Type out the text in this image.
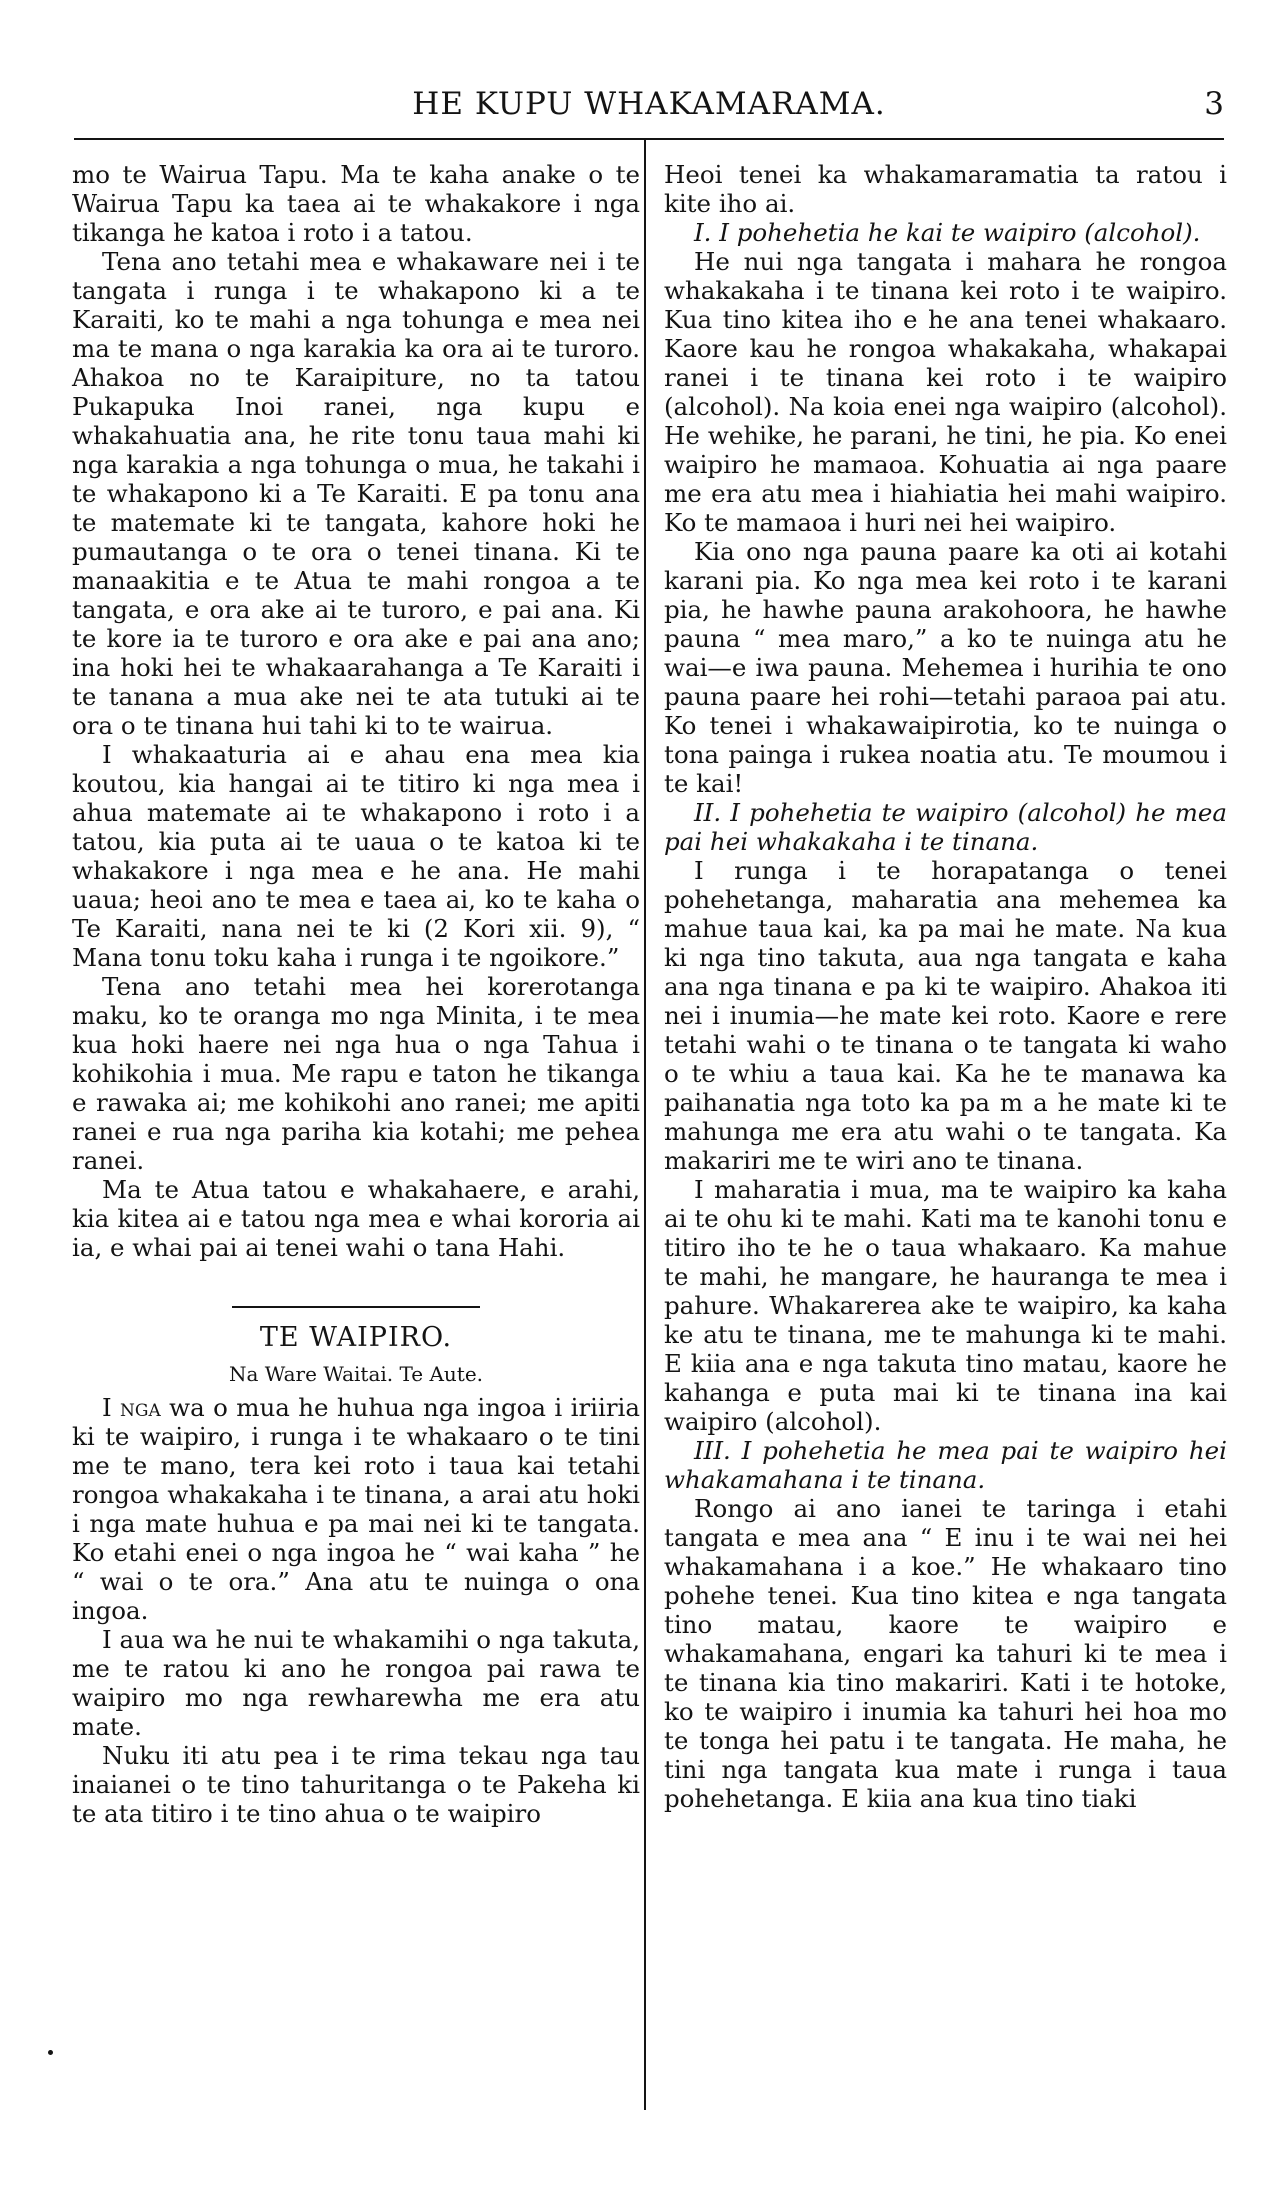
HE KUPU WHAKAMARAMA.	3

mo te Wairua Tapu. Ma te kaha anake o te Wairua Tapu ka taea ai te whakakore i nga tikanga he katoa i roto i a tatou.

Tena ano tetahi mea e whakaware nei i te tangata i runga i te whakapono ki a te Karaiti, ko te mahi a nga tohunga e mea nei ma te mana o nga karakia ka ora ai te turoro. Ahakoa no te Karaipiture, no ta tatou Pukapuka Inoi ranei, nga kupu e whakahuatia ana, he rite tonu taua mahi ki nga karakia a nga tohunga o mua, he takahi i te whakapono ki a Te Karaiti. E pa tonu ana te matemate ki te tangata, kahore hoki he pumautanga o te ora o tenei tinana. Ki te manaakitia e te Atua te mahi rongoa a te tangata, e ora ake ai te turoro, e pai ana. Ki te kore ia te turoro e ora ake e pai ana ano; ina hoki hei te whakaarahanga a Te Karaiti i te tanana a mua ake nei te ata tutuki ai te ora o te tinana hui tahi ki to te wairua.

I whakaaturia ai e ahau ena mea kia koutou, kia hangai ai te titiro ki nga mea i ahua matemate ai te whakapono i roto i a tatou, kia puta ai te uaua o te katoa ki te whakakore i nga mea e he ana. He mahi uaua; heoi ano te mea e taea ai, ko te kaha o Te Karaiti, nana nei te ki (2 Kori xii. 9), “ Mana tonu toku kaha i runga i te ngoikore.”

Tena ano tetahi mea hei korerotanga maku, ko te oranga mo nga Minita, i te mea kua hoki haere nei nga hua o nga Tahua i kohikohia i mua. Me rapu e taton he tikanga e rawaka ai; me kohikohi ano ranei; me apiti ranei e rua nga pariha kia kotahi; me pehea ranei.

Ma te Atua tatou e whakahaere, e arahi, kia kitea ai e tatou nga mea e whai kororia ai ia, e whai pai ai tenei wahi o tana Hahi.

TE WAIPIRO.
Na Ware Waitai. Te Aute.

I nga wa o mua he huhua nga ingoa i iriiria ki te waipiro, i runga i te whakaaro o te tini me te mano, tera kei roto i taua kai tetahi rongoa whakakaha i te tinana, a arai atu hoki i nga mate huhua e pa mai nei ki te tangata. Ko etahi enei o nga ingoa he “ wai kaha ” he “ wai o te ora.” Ana atu te nuinga o ona ingoa.

I aua wa he nui te whakamihi o nga takuta, me te ratou ki ano he rongoa pai rawa te waipiro mo nga rewharewha me era atu mate.

Nuku iti atu pea i te rima tekau nga tau inaianei o te tino tahuritanga o te Pakeha ki te ata titiro i te tino ahua o te waipiro

Heoi tenei ka whakamaramatia ta ratou i kite iho ai.

I. I pohehetia he kai te waipiro (alcohol).

He nui nga tangata i mahara he rongoa whakakaha i te tinana kei roto i te waipiro. Kua tino kitea iho e he ana tenei whakaaro. Kaore kau he rongoa whakakaha, whakapai ranei i te tinana kei roto i te waipiro (alcohol). Na koia enei nga waipiro (alcohol). He wehike, he parani, he tini, he pia. Ko enei waipiro he mamaoa. Kohuatia ai nga paare me era atu mea i hiahiatia hei mahi waipiro. Ko te mamaoa i huri nei hei waipiro.

Kia ono nga pauna paare ka oti ai kotahi karani pia. Ko nga mea kei roto i te karani pia, he hawhe pauna arakohoora, he hawhe pauna “ mea maro,” a ko te nuinga atu he wai—e iwa pauna. Mehemea i hurihia te ono pauna paare hei rohi—tetahi paraoa pai atu. Ko tenei i whakawaipirotia, ko te nuinga o tona painga i rukea noatia atu. Te moumou i te kai!

II. I pohehetia te waipiro (alcohol) he mea pai hei whakakaha i te tinana.

I runga i te horapatanga o tenei pohehetanga, maharatia ana mehemea ka mahue taua kai, ka pa mai he mate. Na kua ki nga tino takuta, aua nga tangata e kaha ana nga tinana e pa ki te waipiro. Ahakoa iti nei i inumia—he mate kei roto. Kaore e rere tetahi wahi o te tinana o te tangata ki waho o te whiu a taua kai. Ka he te manawa ka paihanatia nga toto ka pa m a he mate ki te mahunga me era atu wahi o te tangata. Ka makariri me te wiri ano te tinana.

I maharatia i mua, ma te waipiro ka kaha ai te ohu ki te mahi. Kati ma te kanohi tonu e titiro iho te he o taua whakaaro. Ka mahue te mahi, he mangare, he hauranga te mea i pahure. Whakarerea ake te waipiro, ka kaha ke atu te tinana, me te mahunga ki te mahi. E kiia ana e nga takuta tino matau, kaore he kahanga e puta mai ki te tinana ina kai waipiro (alcohol).

III. I pohehetia he mea pai te waipiro hei whakamahana i te tinana.

Rongo ai ano ianei te taringa i etahi tangata e mea ana “ E inu i te wai nei hei whakamahana i a koe.” He whakaaro tino pohehe tenei. Kua tino kitea e nga tangata tino matau, kaore te waipiro e whakamahana, engari ka tahuri ki te mea i te tinana kia tino makariri. Kati i te hotoke, ko te waipiro i inumia ka tahuri hei hoa mo te tonga hei patu i te tangata. He maha, he tini nga tangata kua mate i runga i taua pohehetanga. E kiia ana kua tino tiaki
